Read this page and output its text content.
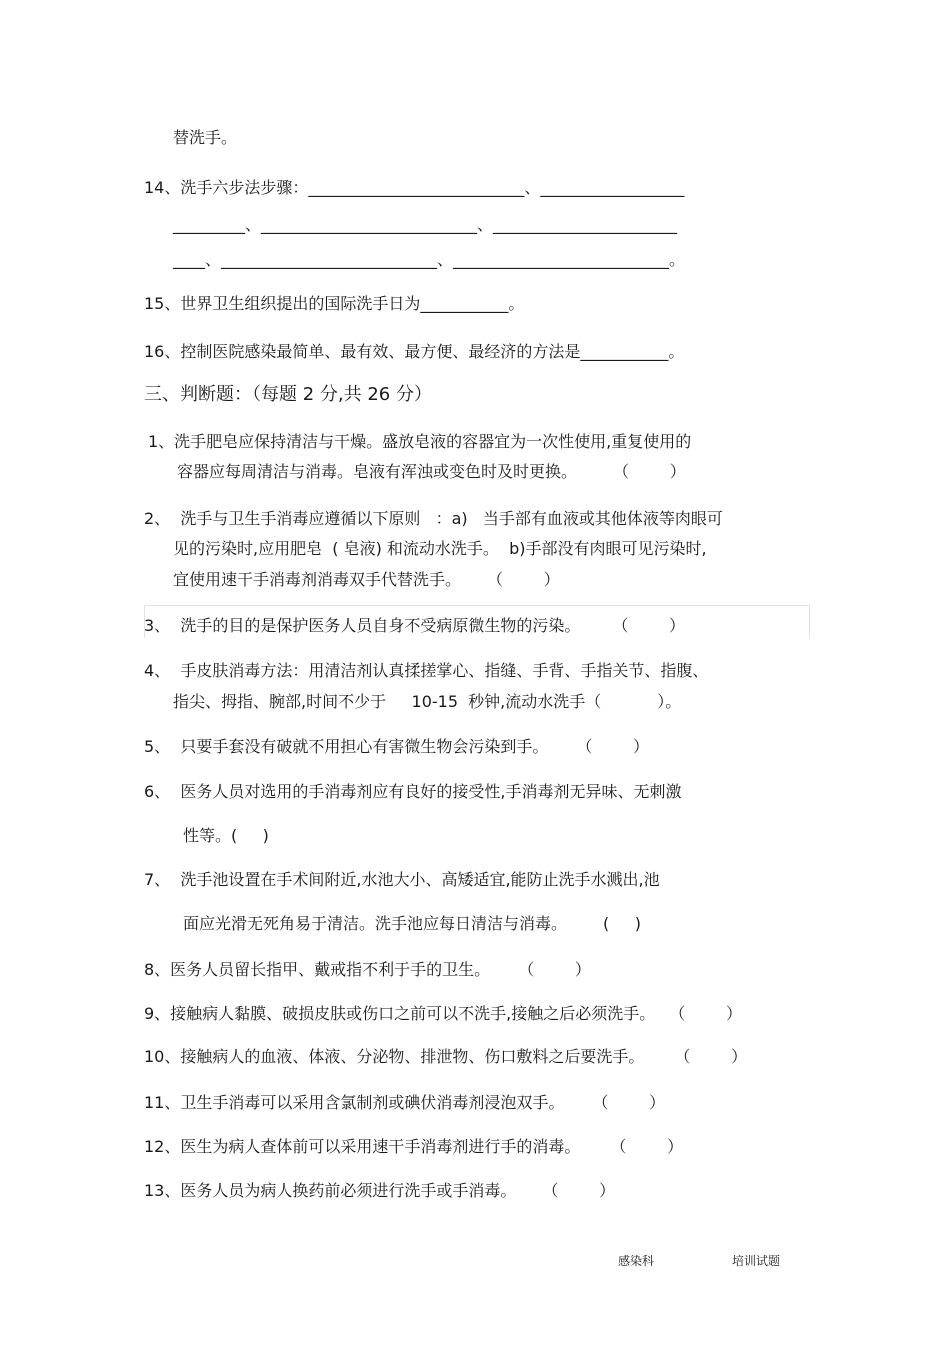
替洗手。
14、洗手六步法步骤：___________________________、__________________
_________、___________________________、_______________________
____、___________________________、___________________________。
15、世界卫生组织提出的国际洗手日为___________。
16、控制医院感染最简单、最有效、最方便、最经济的方法是___________。
三、判断题：（每题 2 分,共 26 分）
1、洗手肥皂应保持清洁与干燥。盛放皂液的容器宜为一次性使用,重复使用的
容器应每周清洁与消毒。皂液有浑浊或变色时及时更换。 （        ）
2、  洗手与卫生手消毒应遵循以下原则   ：a)   当手部有血液或其他体液等肉眼可
见的污染时,应用肥皂  ( 皂液) 和流动水洗手。  b)手部没有肉眼可见污染时,
宜使用速干手消毒剂消毒双手代替洗手。 （        ）
3、  洗手的目的是保护医务人员自身不受病原微生物的污染。 （        ）
4、  手皮肤消毒方法：用清洁剂认真揉搓掌心、指缝、手背、手指关节、指腹、
指尖、拇指、腕部,时间不少于     10-15  秒钟,流动水洗手（           ）。
5、  只要手套没有破就不用担心有害微生物会污染到手。 （        ）
6、  医务人员对选用的手消毒剂应有良好的接受性,手消毒剂无异味、无刺激
性等。(     )
7、  洗手池设置在手术间附近,水池大小、高矮适宜,能防止洗手水溅出,池
面应光滑无死角易于清洁。洗手池应每日清洁与消毒。 (     )
8、医务人员留长指甲、戴戒指不利于手的卫生。 （        ）
9、接触病人黏膜、破损皮肤或伤口之前可以不洗手,接触之后必须洗手。 （        ）
10、接触病人的血液、体液、分泌物、排泄物、伤口敷料之后要洗手。 （        ）
11、卫生手消毒可以采用含氯制剂或碘伏消毒剂浸泡双手。 （        ）
12、医生为病人查体前可以采用速干手消毒剂进行手的消毒。 （        ）
13、医务人员为病人换药前必须进行洗手或手消毒。 （        ）
感染科	培训试题
